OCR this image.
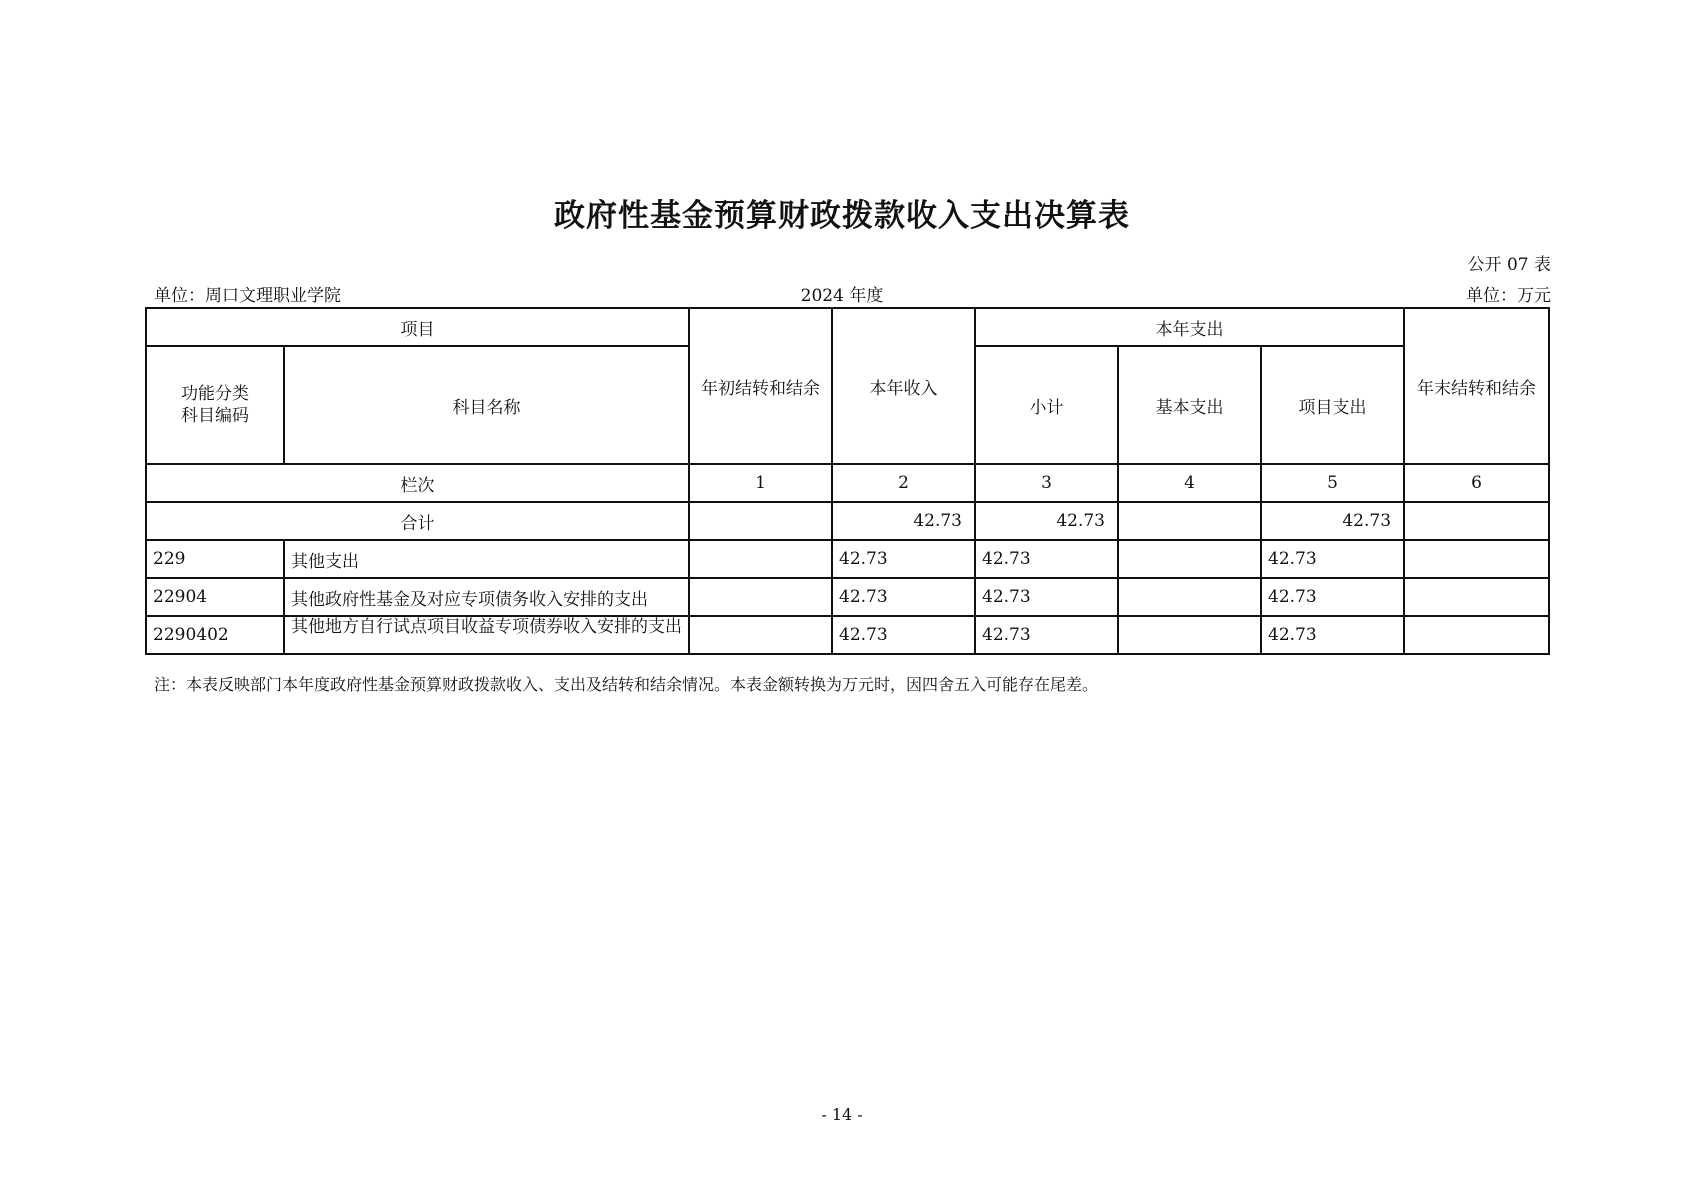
政府性基金预算财政拨款收入支出决算表
公开 07 表
单位：周口文理职业学院	2024 年度	单位：万元
项目		年初结转和结余	本年收入	本年支出			年末结转和结余

功能分类
科目编码	科目名称			小计	基本支出	项目支出	
栏次		1	2	3	4	5	6
合计			42.73	42.73		42.73	
229	其他支出		42.73	42.73		42.73	
22904	其他政府性基金及对应专项债务收入安排的支出		42.73	42.73		42.73	
2290402	其他地方自行试点项目收益专项债券收入安排的支出		42.73	42.73		42.73	
注：本表反映部门本年度政府性基金预算财政拨款收入、支出及结转和结余情况。本表金额转换为万元时，因四舍五入可能存在尾差。
- 14 -
